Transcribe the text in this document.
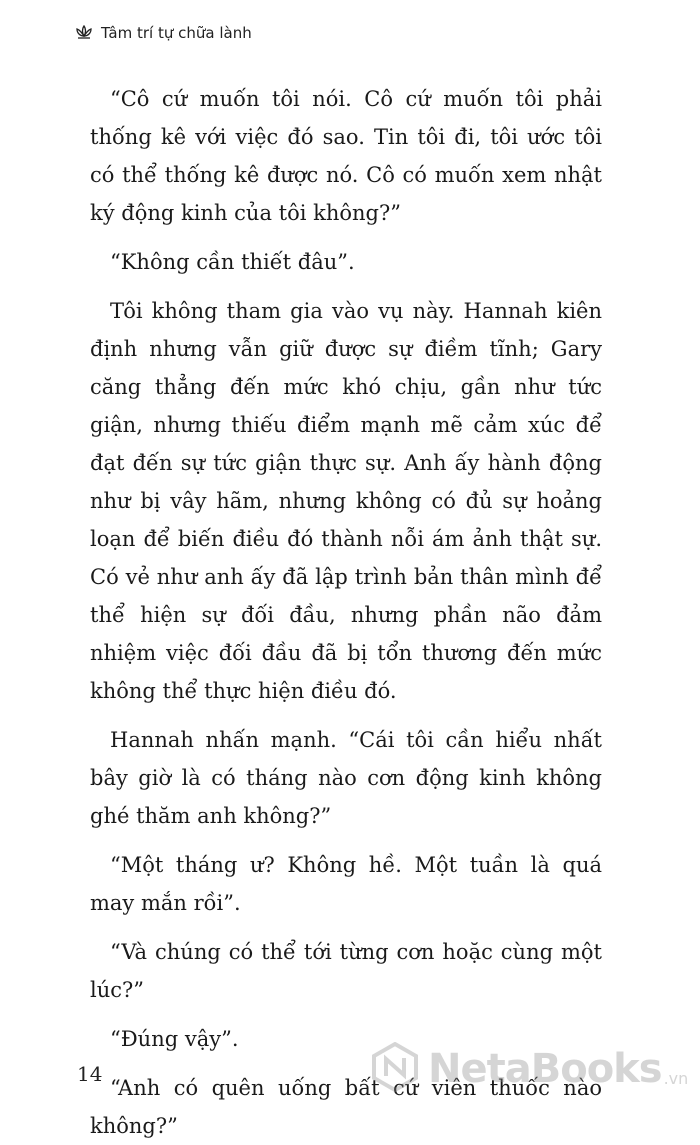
Tâm trí tự chữa lành

“Cô cứ muốn tôi nói. Cô cứ muốn tôi phải thống kê với việc đó sao. Tin tôi đi, tôi ước tôi có thể thống kê được nó. Cô có muốn xem nhật ký động kinh của tôi không?”

“Không cần thiết đâu”.

Tôi không tham gia vào vụ này. Hannah kiên định nhưng vẫn giữ được sự điềm tĩnh; Gary căng thẳng đến mức khó chịu, gần như tức giận, nhưng thiếu điểm mạnh mẽ cảm xúc để đạt đến sự tức giận thực sự. Anh ấy hành động như bị vây hãm, nhưng không có đủ sự hoảng loạn để biến điều đó thành nỗi ám ảnh thật sự. Có vẻ như anh ấy đã lập trình bản thân mình để thể hiện sự đối đầu, nhưng phần não đảm nhiệm việc đối đầu đã bị tổn thương đến mức không thể thực hiện điều đó.

Hannah nhấn mạnh. “Cái tôi cần hiểu nhất bây giờ là có tháng nào cơn động kinh không ghé thăm anh không?”

“Một tháng ư? Không hề. Một tuần là quá may mắn rồi”.

“Và chúng có thể tới từng cơn hoặc cùng một lúc?”

“Đúng vậy”.

“Anh có quên uống bất cứ viên thuốc nào không?”

14	NetaBooks .vn
